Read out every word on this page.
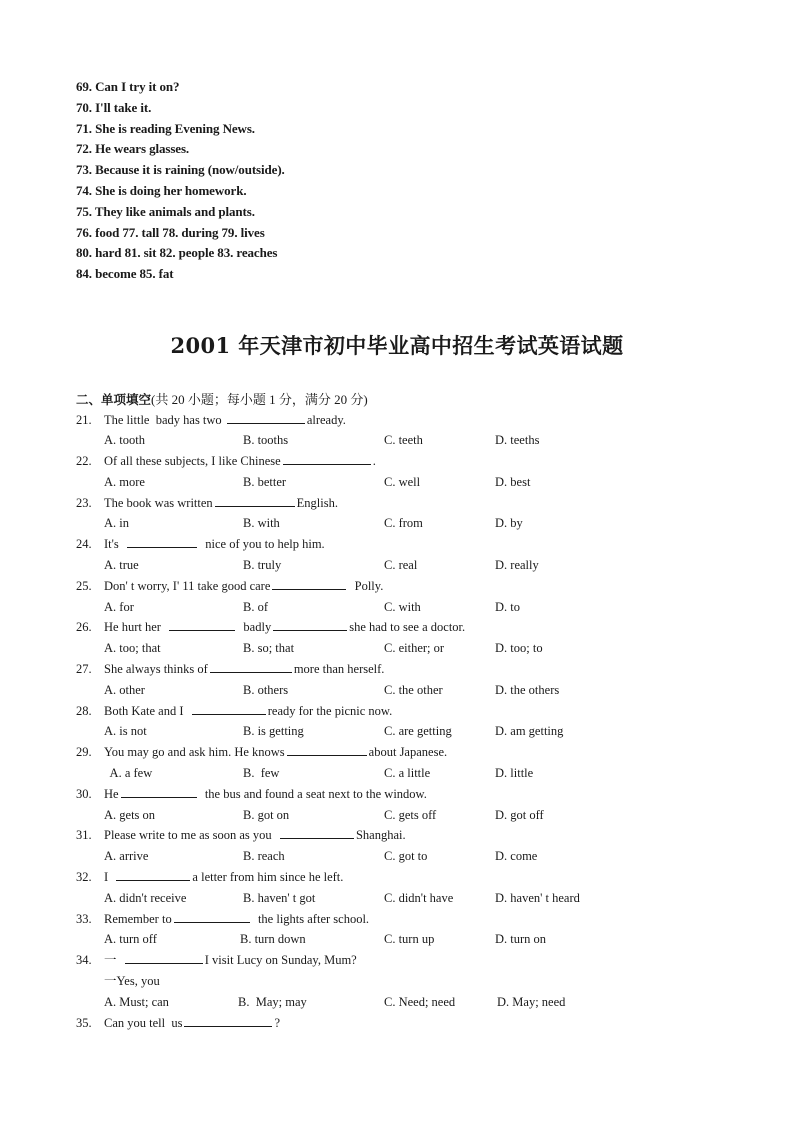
69. Can I try it on?
70. I'll take it.
71. She is reading Evening News.
72. He wears glasses.
73. Because it is raining (now/outside).
74. She is doing her homework.
75. They like animals and plants.
76. food 77. tall 78. during 79. lives
80. hard 81. sit 82. people 83. reaches
84. become 85. fat
2001 年天津市初中毕业高中招生考试英语试题
二、单项填空(共 20 小题；每小题 1 分，满分 20 分)
21. The little  bady has two	already.
A. tooth	B. tooths	C. teeth	D. teeths
22. Of all these subjects, I like Chinese	.
A. more	B. better	C. well	D. best
23. The book was written	English.
A. in	B. with	C. from	D. by
24. It's	nice of you to help him.
A. true	B. truly	C. real	D. really
25. Don' t worry, I' 11 take good care	Polly.
A. for	B. of	C. with	D. to
26. He hurt her	badly	she had to see a doctor.
A. too; that	B. so; that	C. either; or	D. too; to
27. She always thinks of	more than herself.
A. other	B. others	C. the other	D. the others
28. Both Kate and I	ready for the picnic now.
A. is not	B. is getting	C. are getting	D. am getting
29. You may go and ask him. He knows	about Japanese.
A. a few	B.  few	C. a little	D. little
30. He	the bus and found a seat next to the window.
A. gets on	B. got on	C. gets off	D. got off
31. Please write to me as soon as you	Shanghai.
A. arrive	B. reach	C. got to	D. come
32. I	a letter from him since he left.
A. didn't receive	B. haven' t got	C. didn't have	D. haven' t heard
33. Remember to	the lights after school.
A. turn off	B. turn down	C. turn up	D. turn on
34. 一	I visit Lucy on Sunday, Mum?
一Yes, you
A. Must; can	B.  May; may	C. Need; need	D. May; need
35. Can you tell  us	?
